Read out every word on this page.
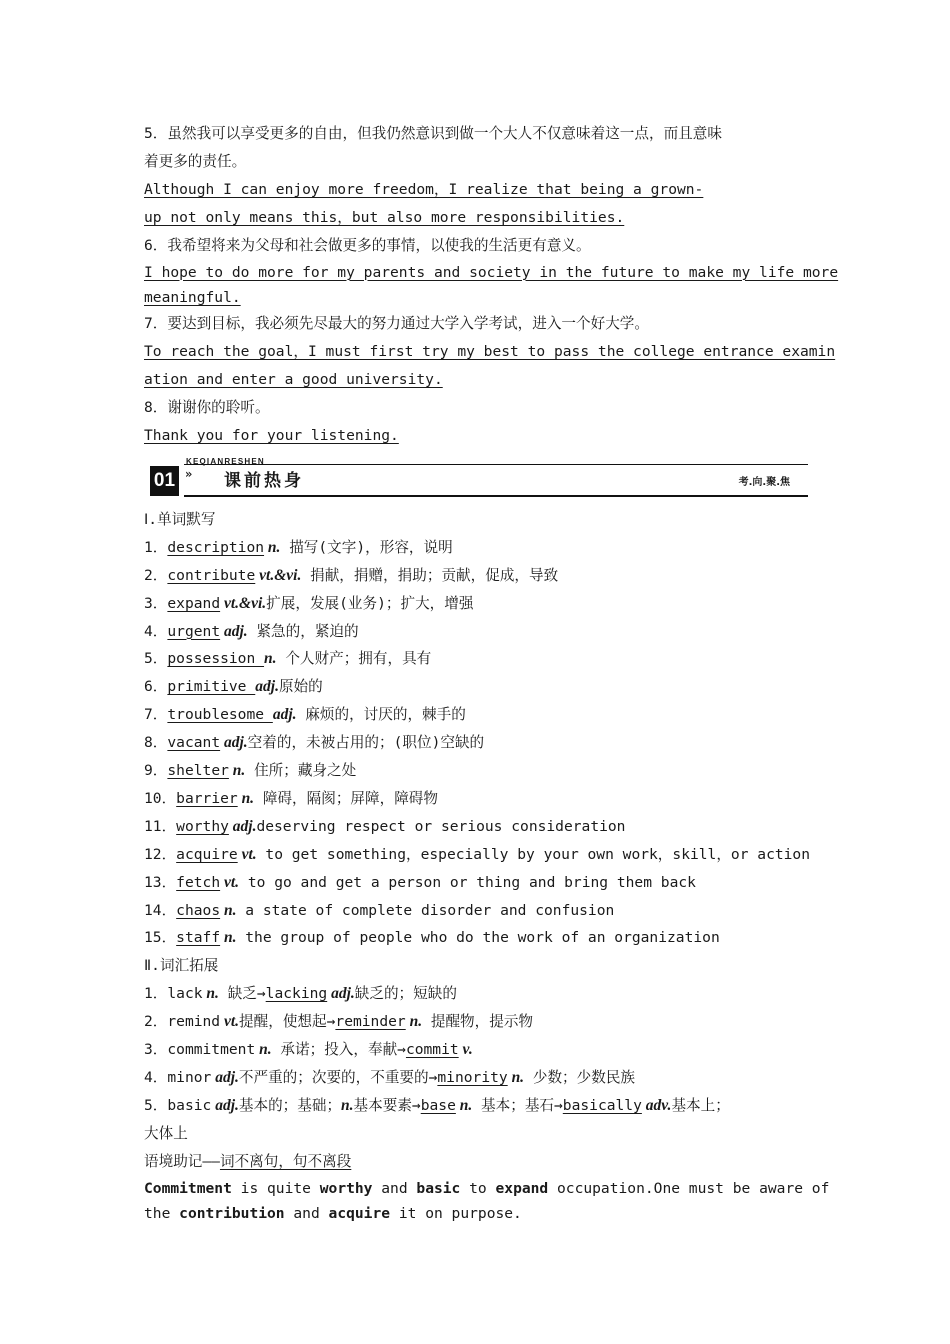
5．虽然我可以享受更多的自由，但我仍然意识到做一个大人不仅意味着这一点，而且意味
着更多的责任。
Although I can enjoy more freedom，I realize that being a grown-
up not only means this，but also more responsibilities.
6．我希望将来为父母和社会做更多的事情，以使我的生活更有意义。
I hope to do more for my parents and society in the future to make my life more
meaningful.
7．要达到目标，我必须先尽最大的努力通过大学入学考试，进入一个好大学。
To reach the goal，I must first try my best to pass the college entrance examin
ation and enter a good university.
8．谢谢你的聆听。
Thank you for your listening.
KEQIANRESHEN
01 » 课前热身	考.向.聚.焦
Ⅰ.单词默写
1．description n. 描写(文字)，形容，说明
2．contribute vt.&vi. 捐献，捐赠，捐助；贡献，促成，导致
3．expand vt.&vi.扩展，发展(业务)；扩大，增强
4．urgent adj. 紧急的，紧迫的
5．possession n. 个人财产；拥有，具有
6．primitive adj.原始的
7．troublesome adj. 麻烦的，讨厌的，棘手的
8．vacant adj.空着的，未被占用的；(职位)空缺的
9．shelter n. 住所；藏身之处
10．barrier n. 障碍，隔阂；屏障，障碍物
11．worthy adj.deserving respect or serious consideration
12．acquire vt. to get something，especially by your own work，skill，or action
13．fetch vt. to go and get a person or thing and bring them back
14．chaos n. a state of complete disorder and confusion
15．staff n. the group of people who do the work of an organization
Ⅱ.词汇拓展
1．lack n. 缺乏→lacking adj.缺乏的；短缺的
2．remind vt.提醒，使想起→reminder n. 提醒物，提示物
3．commitment n. 承诺；投入，奉献→commit v.
4．minor adj.不严重的；次要的，不重要的→minority n. 少数；少数民族
5．basic adj.基本的；基础；n.基本要素→base n. 基本；基石→basically adv.基本上；
大体上
语境助记——词不离句，句不离段
Commitment is quite worthy and basic to expand occupation.One must be aware of
the contribution and acquire it on purpose.
